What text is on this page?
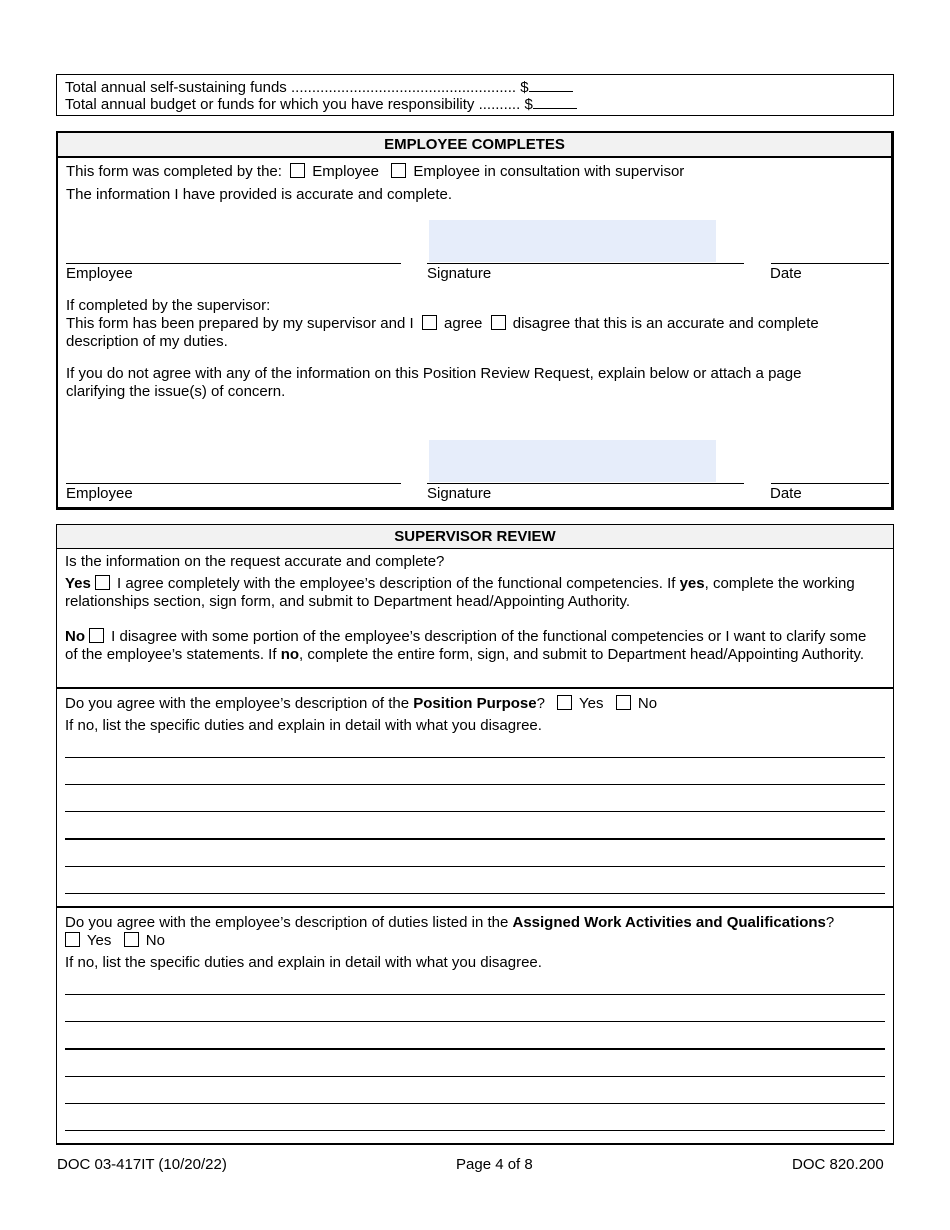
Total annual self-sustaining funds ...................................................... $
Total annual budget or funds for which you have responsibility .......... $
EMPLOYEE COMPLETES
This form was completed by the: Employee Employee in consultation with supervisor
The information I have provided is accurate and complete.
Employee	Signature	Date
If completed by the supervisor:
This form has been prepared by my supervisor and I agree disagree that this is an accurate and complete
description of my duties.
If you do not agree with any of the information on this Position Review Request, explain below or attach a page clarifying the issue(s) of concern.
Employee	Signature	Date
SUPERVISOR REVIEW
Is the information on the request accurate and complete?
Yes I agree completely with the employee’s description of the functional competencies. If yes, complete the working relationships section, sign form, and submit to Department head/Appointing Authority.
No I disagree with some portion of the employee’s description of the functional competencies or I want to clarify some of the employee’s statements. If no, complete the entire form, sign, and submit to Department head/Appointing Authority.
Do you agree with the employee’s description of the Position Purpose? Yes No
If no, list the specific duties and explain in detail with what you disagree.
Do you agree with the employee’s description of duties listed in the Assigned Work Activities and Qualifications?
Yes No
If no, list the specific duties and explain in detail with what you disagree.
DOC 03-417IT (10/20/22)	Page 4 of 8	DOC 820.200
